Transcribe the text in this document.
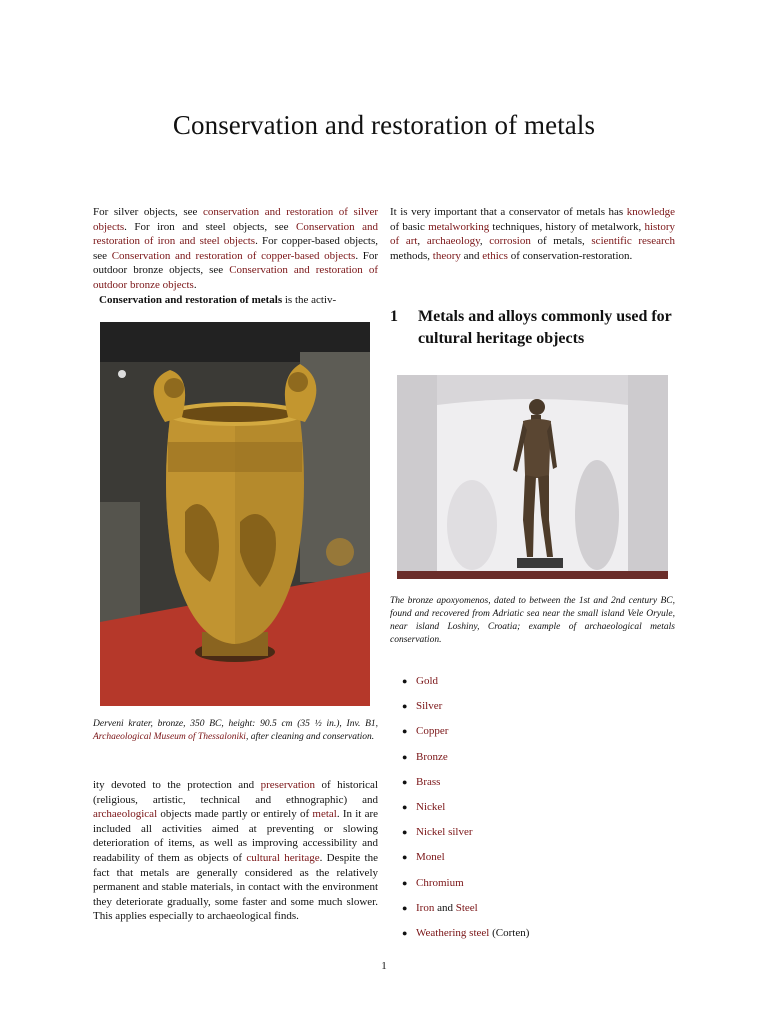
Conservation and restoration of metals

For silver objects, see conservation and restoration of silver objects. For iron and steel objects, see Conservation and restoration of iron and steel objects. For copper-based objects, see Conservation and restoration of copper-based objects. For outdoor bronze objects, see Conservation and restoration of outdoor bronze objects.

Conservation and restoration of metals is the activ-

Derveni krater, bronze, 350 BC, height: 90.5 cm (35 ½ in.), Inv. B1, Archaeological Museum of Thessaloniki, after cleaning and conservation.

ity devoted to the protection and preservation of historical (religious, artistic, technical and ethnographic) and archaeological objects made partly or entirely of metal. In it are included all activities aimed at preventing or slowing deterioration of items, as well as improving accessibility and readability of them as objects of cultural heritage. Despite the fact that metals are generally considered as the relatively permanent and stable materials, in contact with the environment they deteriorate gradually, some faster and some much slower. This applies especially to archaeological finds.

It is very important that a conservator of metals has knowledge of basic metalworking techniques, history of metalwork, history of art, archaeology, corrosion of metals, scientific research methods, theory and ethics of conservation-restoration.

1	Metals and alloys commonly used for cultural heritage objects

The bronze apoxyomenos, dated to between the 1st and 2nd century BC, found and recovered from Adriatic sea near the small island Vele Oryule, near island Loshiny, Croatia; example of archaeological metals conservation.

● Gold
● Silver
● Copper
● Bronze
● Brass
● Nickel
● Nickel silver
● Monel
● Chromium
● Iron and Steel
● Weathering steel (Corten)
1
